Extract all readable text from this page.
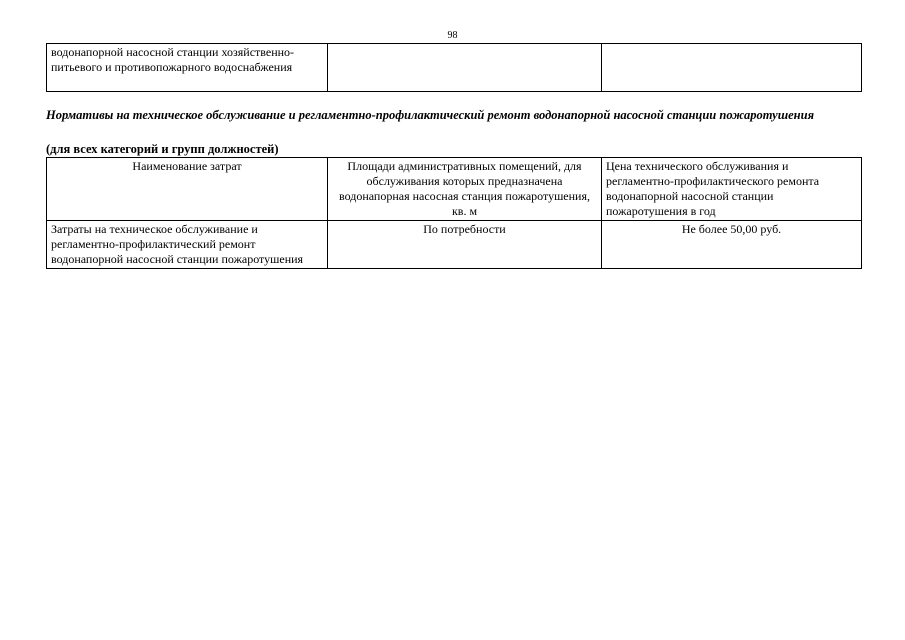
98
водонапорной насосной станции хозяйственно-питьевого и противопожарного водоснабжения		
Нормативы на техническое обслуживание и регламентно-профилактический ремонт водонапорной насосной станции пожаротушения
(для всех категорий и групп должностей)
Наименование затрат	Площади административных помещений, для обслуживания которых предназначена водонапорная насосная станция пожаротушения, кв. м	Цена технического обслуживания и регламентно-профилактического ремонта водонапорной насосной станции пожаротушения в год
Затраты на техническое обслуживание и регламентно-профилактический ремонт водонапорной насосной станции пожаротушения	По потребности	Не более 50,00 руб.
